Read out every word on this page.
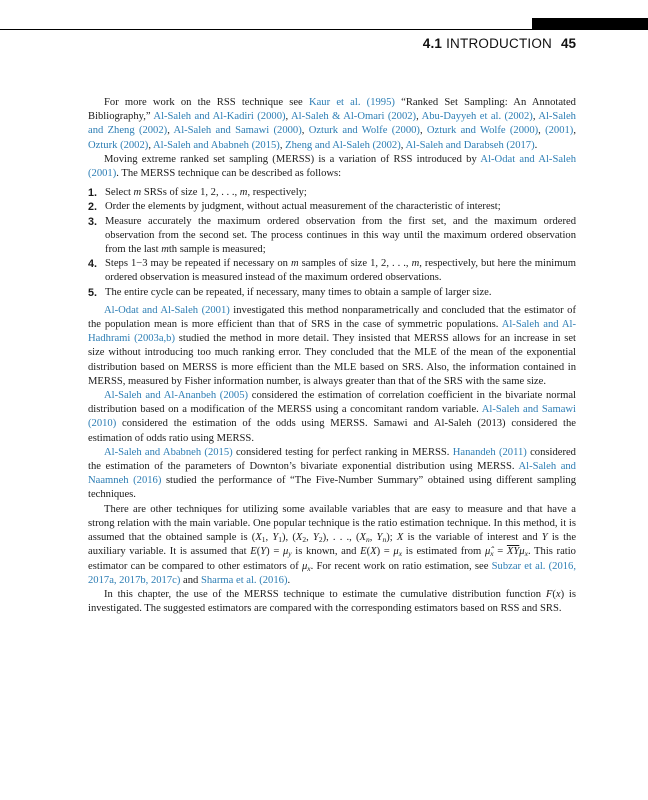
4.1 INTRODUCTION 45

For more work on the RSS technique see Kaur et al. (1995) “Ranked Set Sampling: An Annotated Bibliography,” Al-Saleh and Al-Kadiri (2000), Al-Saleh & Al-Omari (2002), Abu-Dayyeh et al. (2002), Al-Saleh and Zheng (2002), Al-Saleh and Samawi (2000), Ozturk and Wolfe (2000), Ozturk and Wolfe (2000), (2001), Ozturk (2002), Al-Saleh and Ababneh (2015), Zheng and Al-Saleh (2002), Al-Saleh and Darabseh (2017).

Moving extreme ranked set sampling (MERSS) is a variation of RSS introduced by Al-Odat and Al-Saleh (2001). The MERSS technique can be described as follows:

1. Select m SRSs of size 1, 2, . . ., m, respectively;
2. Order the elements by judgment, without actual measurement of the characteristic of interest;
3. Measure accurately the maximum ordered observation from the first set, and the maximum ordered observation from the second set. The process continues in this way until the maximum ordered observation from the last mth sample is measured;
4. Steps 1−3 may be repeated if necessary on m samples of size 1, 2, . . ., m, respectively, but here the minimum ordered observation is measured instead of the maximum ordered observations.
5. The entire cycle can be repeated, if necessary, many times to obtain a sample of larger size.

Al-Odat and Al-Saleh (2001) investigated this method nonparametrically and concluded that the estimator of the population mean is more efficient than that of SRS in the case of symmetric populations. Al-Saleh and Al-Hadhrami (2003a,b) studied the method in more detail. They insisted that MERSS allows for an increase in set size without introducing too much ranking error. They concluded that the MLE of the mean of the exponential distribution based on MERSS is more efficient than the MLE based on SRS. Also, the information contained in MERSS, measured by Fisher information number, is always greater than that of the SRS with the same size.

Al-Saleh and Al-Ananbeh (2005) considered the estimation of correlation coefficient in the bivariate normal distribution based on a modification of the MERSS using a concomitant random variable. Al-Saleh and Samawi (2010) considered the estimation of the odds using MERSS. Samawi and Al-Saleh (2013) considered the estimation of odds ratio using MERSS.

Al-Saleh and Ababneh (2015) considered testing for perfect ranking in MERSS. Hanandeh (2011) considered the estimation of the parameters of Downton’s bivariate exponential distribution using MERSS. Al-Saleh and Naamneh (2016) studied the performance of “The Five-Number Summary” obtained using different sampling techniques.

There are other techniques for utilizing some available variables that are easy to measure and that have a strong relation with the main variable. One popular technique is the ratio estimation technique. In this method, it is assumed that the obtained sample is ($X_1$, $Y_1$), ($X_2$, $Y_2$), . . ., ($X_n$, $Y_n$); X is the variable of interest and Y is the auxiliary variable. It is assumed that $E(Y) = \mu_y$ is known, and $E(X) = \mu_x$ is estimated from $\mû_x = \overline{XY}\mu_x$. This ratio estimator can be compared to other estimators of $\mu_x$. For recent work on ratio estimation, see Subzar et al. (2016, 2017a, 2017b, 2017c) and Sharma et al. (2016).

In this chapter, the use of the MERSS technique to estimate the cumulative distribution function F(x) is investigated. The suggested estimators are compared with the corresponding estimators based on RSS and SRS.
